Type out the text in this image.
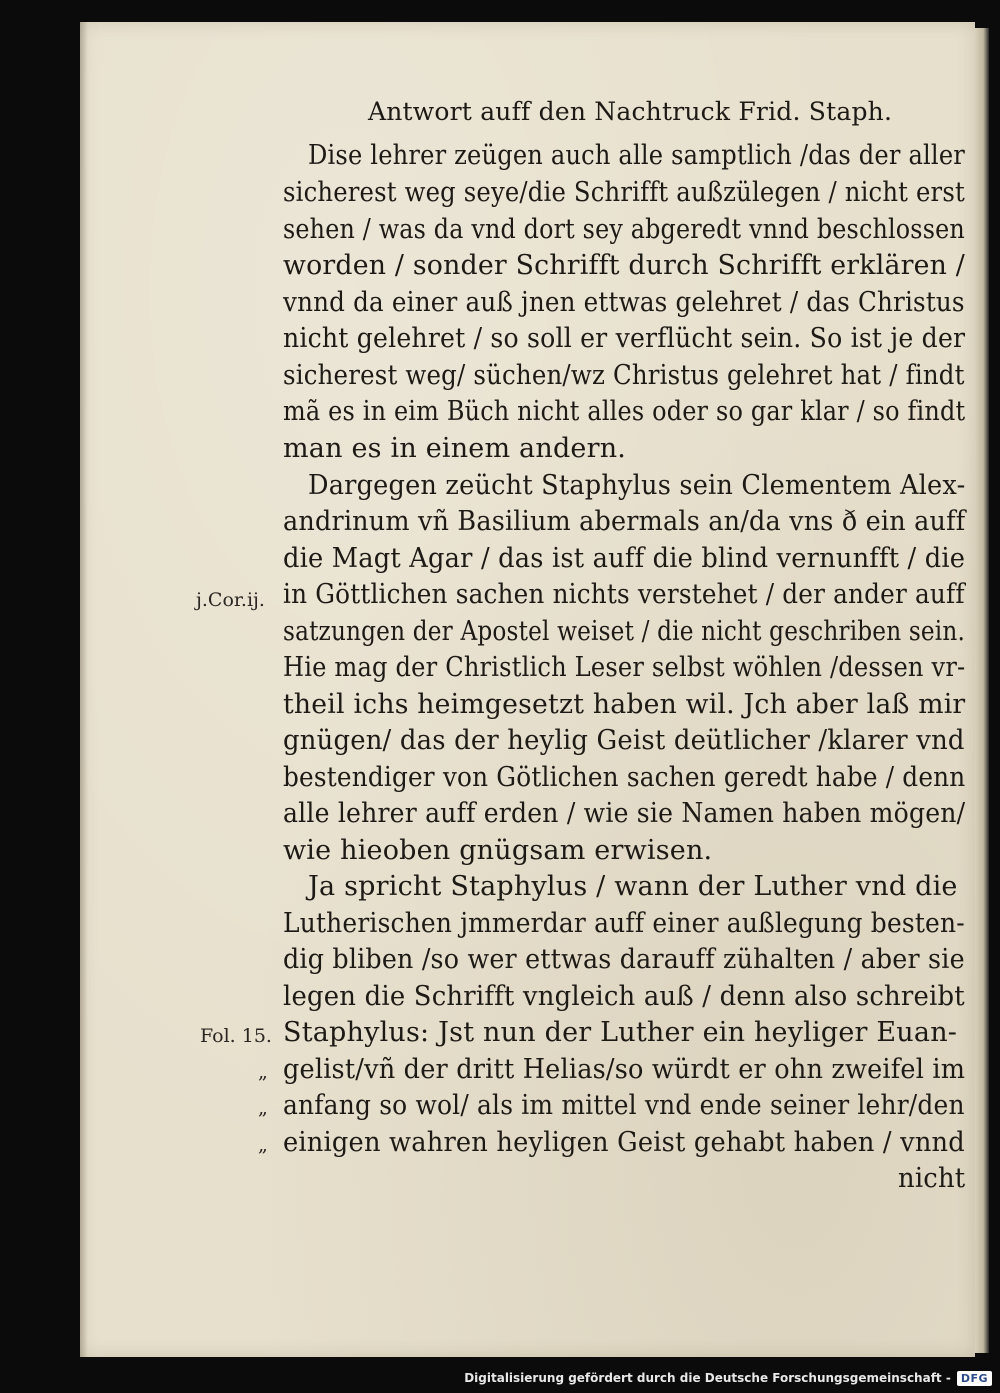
Antwort auff den Nachtruck Frid. Staph.
Dise lehrer zeügen auch alle samptlich /das der aller
sicherest weg seye/die Schrifft außzülegen / nicht erst
sehen / was da vnd dort sey abgeredt vnnd beschlossen
worden / sonder Schrifft durch Schrifft erklären /
vnnd da einer auß jnen ettwas gelehret / das Christus
nicht gelehret / so soll er verflücht sein. So ist je der
sicherest weg/ süchen/wz Christus gelehret hat / findt
mã es in eim Büch nicht alles oder so gar klar / so findt
man es in einem andern.
Dargegen zeücht Staphylus sein Clementem Alex-
andrinum vñ Basilium abermals an/da vns ð ein auff
die Magt Agar / das ist auff die blind vernunfft / die
in Göttlichen sachen nichts verstehet / der ander auff
satzungen der Apostel weiset / die nicht geschriben sein.
Hie mag der Christlich Leser selbst wöhlen /dessen vr-
theil ichs heimgesetzt haben wil. Jch aber laß mir
gnügen/ das der heylig Geist deütlicher /klarer vnd
bestendiger von Götlichen sachen geredt habe / denn
alle lehrer auff erden / wie sie Namen haben mögen/
wie hieoben gnügsam erwisen.
Ja spricht Staphylus / wann der Luther vnd die
Lutherischen jmmerdar auff einer außlegung besten-
dig bliben /so wer ettwas darauff zühalten / aber sie
legen die Schrifft vngleich auß / denn also schreibt
Staphylus: Jst nun der Luther ein heyliger Euan-
gelist/vñ der dritt Helias/so würdt er ohn zweifel im
anfang so wol/ als im mittel vnd ende seiner lehr/den
einigen wahren heyligen Geist gehabt haben / vnnd
nicht
j.Cor.ij.
Fol. 15.
„
„
„
Digitalisierung gefördert durch die Deutsche Forschungsgemeinschaft - DFG
